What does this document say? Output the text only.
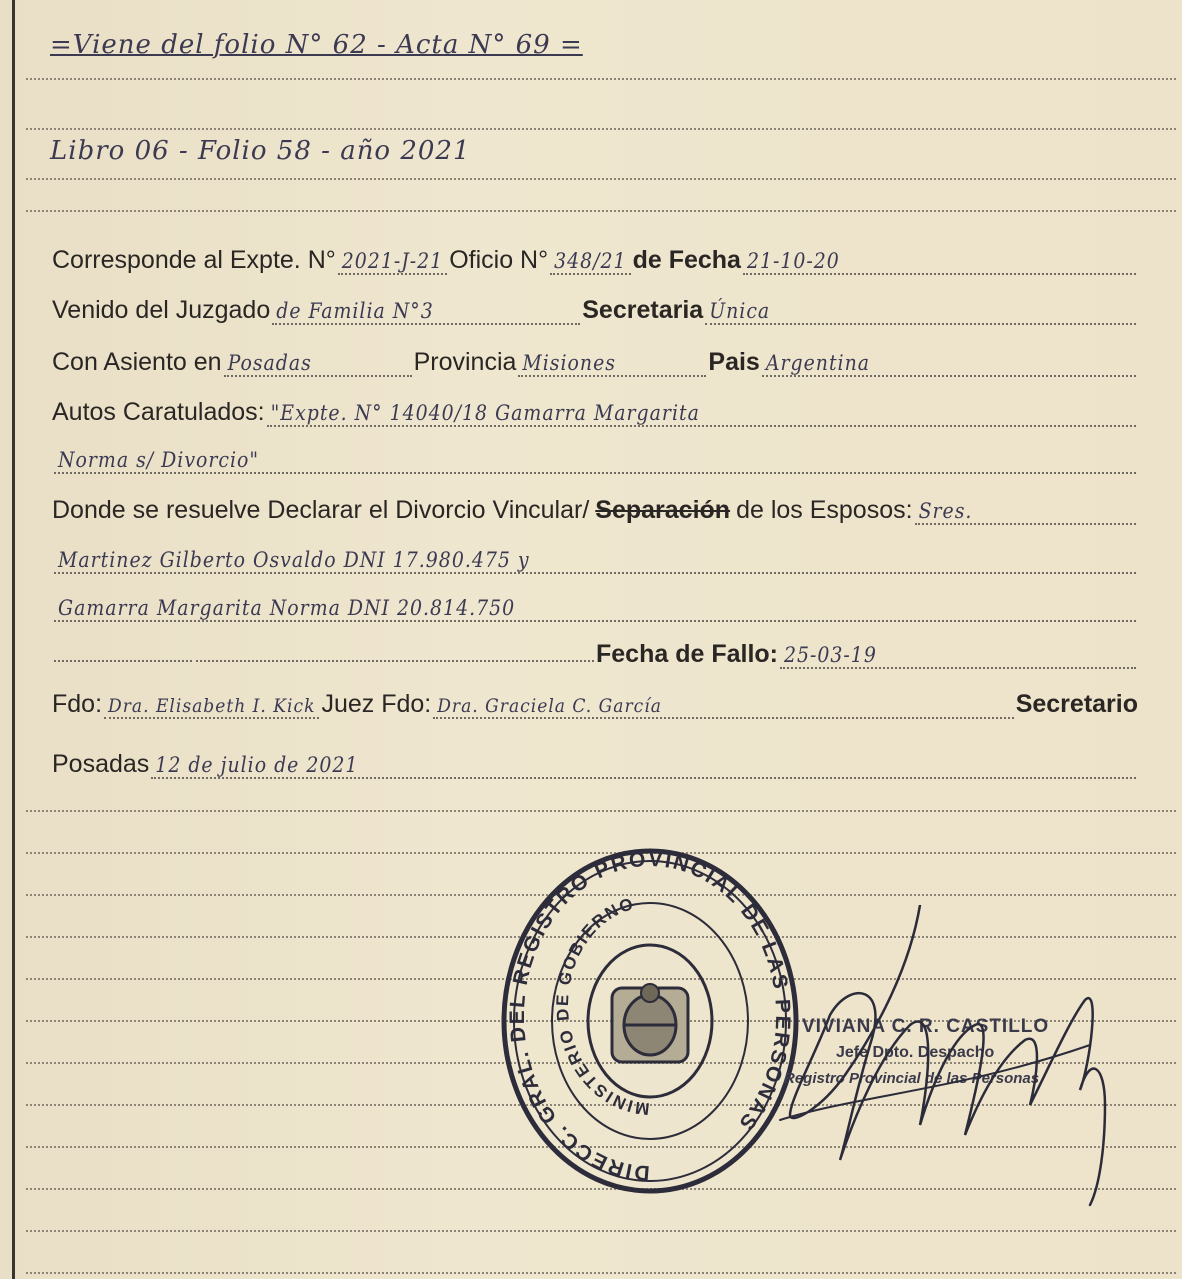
=Viene del folio N° 62 - Acta N° 69 =
Libro 06 - Folio 58 - año 2021
Corresponde al Expte. N° 2021-J-21 Oficio N° 348/21 de Fecha 21-10-20
Venido del Juzgado de Familia N°3	Secretaria Única
Con Asiento en Posadas	Provincia Misiones	Pais Argentina
Autos Caratulados: "Expte. N° 14040/18 Gamarra Margarita
Norma s/ Divorcio"
Donde se resuelve Declarar el Divorcio Vincular/ Separación de los Esposos: Sres.
Martinez Gilberto Osvaldo DNI 17.980.475 y
Gamarra Margarita Norma DNI 20.814.750
Fecha de Fallo: 25-03-19
Fdo: Dra. Elisabeth I. Kick Juez Fdo: Dra. Graciela C. García	Secretario
Posadas 12 de julio de 2021
DIRECC. GRAL. DEL REGISTRO PROVINCIAL DE LAS PERSONAS
MINISTERIO DE GOBIERNO
VIVIANA C. R. CASTILLO
Jefe Dpto. Despacho
Registro Provincial de las Personas
